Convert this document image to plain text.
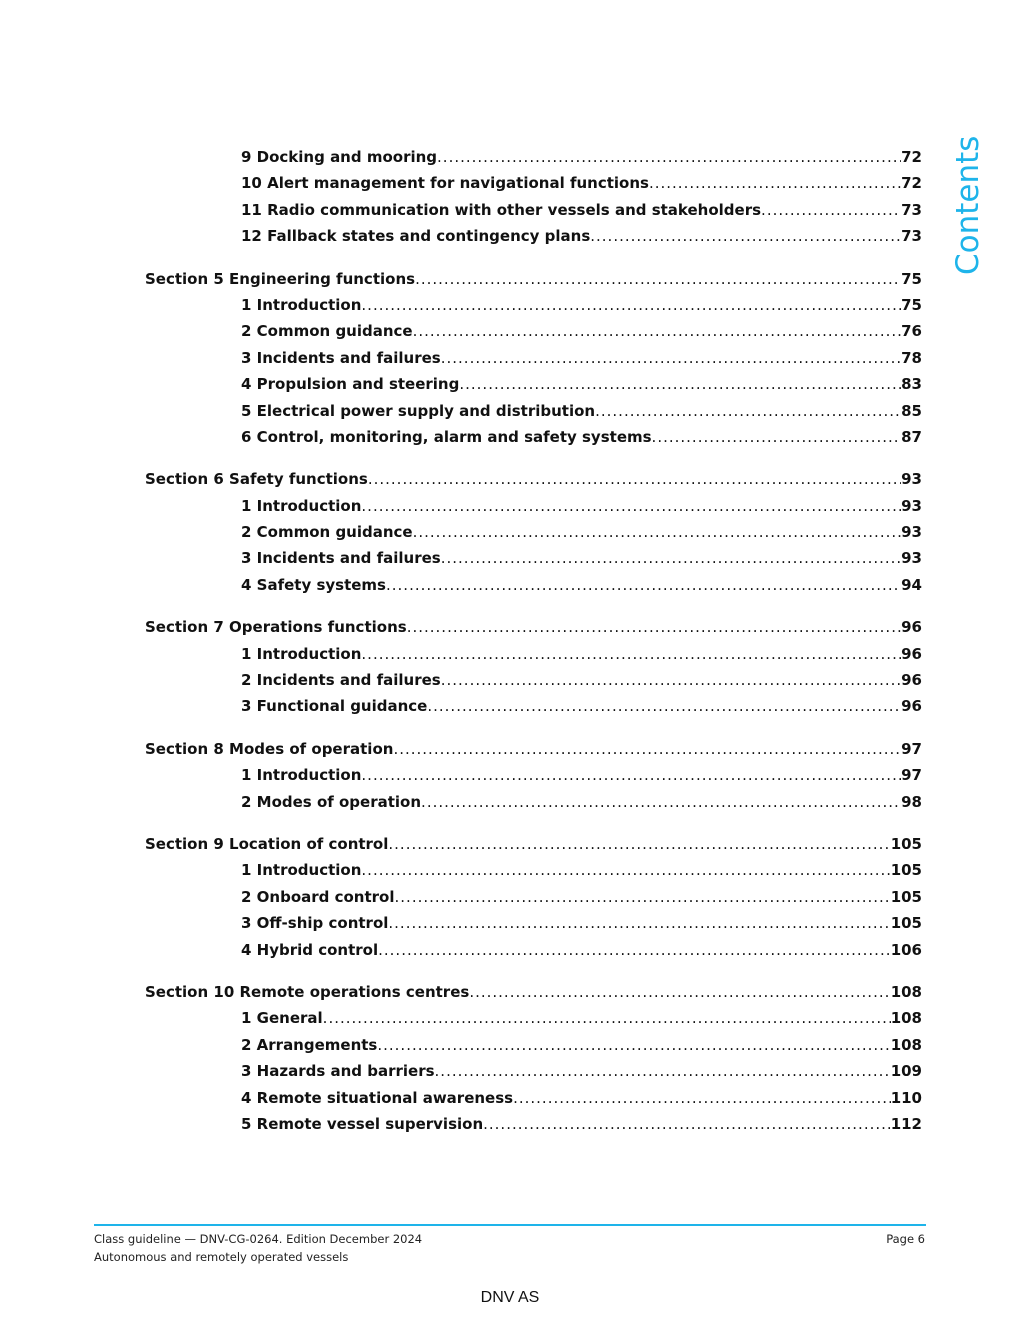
9 Docking and mooring .....	72
10 Alert management for navigational functions .....	72
11 Radio communication with other vessels and stakeholders .....	73
12 Fallback states and contingency plans .....	73
Section 5 Engineering functions .....	75
1 Introduction .....	75
2 Common guidance .....	76
3 Incidents and failures .....	78
4 Propulsion and steering .....	83
5 Electrical power supply and distribution .....	85
6 Control, monitoring, alarm and safety systems .....	87
Section 6 Safety functions .....	93
1 Introduction .....	93
2 Common guidance .....	93
3 Incidents and failures .....	93
4 Safety systems .....	94
Section 7 Operations functions .....	96
1 Introduction .....	96
2 Incidents and failures .....	96
3 Functional guidance .....	96
Section 8 Modes of operation .....	97
1 Introduction .....	97
2 Modes of operation .....	98
Section 9 Location of control .....	105
1 Introduction .....	105
2 Onboard control .....	105
3 Off-ship control .....	105
4 Hybrid control .....	106
Section 10 Remote operations centres .....	108
1 General .....	108
2 Arrangements .....	108
3 Hazards and barriers .....	109
4 Remote situational awareness .....	110
5 Remote vessel supervision .....	112
Contents
Class guideline — DNV-CG-0264. Edition December 2024
Autonomous and remotely operated vessels
Page 6
DNV AS
